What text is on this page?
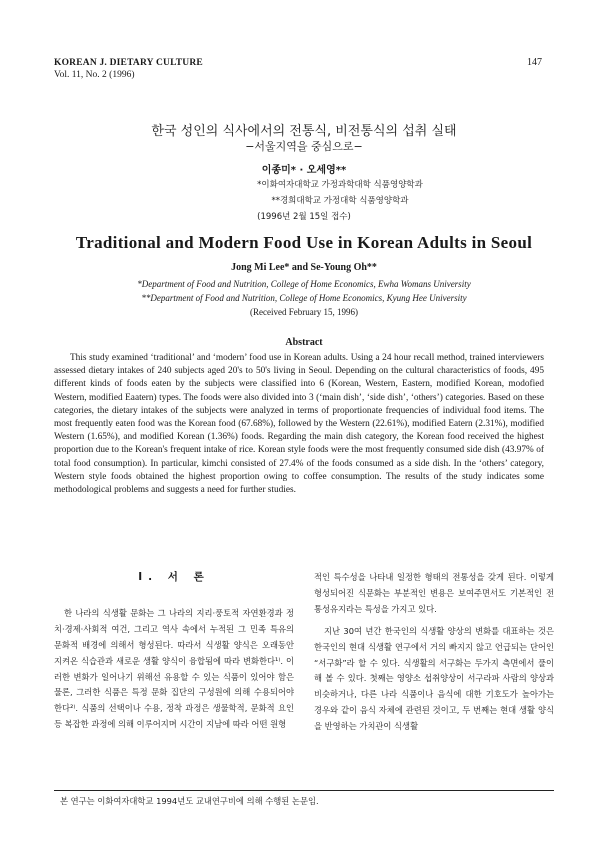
KOREAN J. DIETARY CULTURE
Vol. 11, No. 2 (1996)
147
한국 성인의 식사에서의 전통식, 비전통식의 섭취 실태
−서울지역을 중심으로−
이종미* · 오세영**
*이화여자대학교 가정과학대학 식품영양학과
**경희대학교 가정대학 식품영양학과
(1996년 2월 15일 접수)
Traditional and Modern Food Use in Korean Adults in Seoul
Jong Mi Lee* and Se-Young Oh**
*Department of Food and Nutrition, College of Home Economics, Ewha Womans University
**Department of Food and Nutrition, College of Home Economics, Kyung Hee University
(Received February 15, 1996)
Abstract
This study examined ‘traditional’ and ‘modern’ food use in Korean adults. Using a 24 hour recall method, trained interviewers assessed dietary intakes of 240 subjects aged 20's to 50's living in Seoul. Depending on the cultural characteristics of foods, 495 different kinds of foods eaten by the subjects were classified into 6 (Korean, Western, Eastern, modified Korean, modofied Western, modified Eaatern) types. The foods were also divided into 3 (‘main dish’, ‘side dish’, ‘others’) categories. Based on these categories, the dietary intakes of the subjects were analyzed in terms of proportionate frequencies of individual food items. The most frequently eaten food was the Korean food (67.68%), followed by the Western (22.61%), modified Eatern (2.31%), modified Western (1.65%), and modified Korean (1.36%) foods. Regarding the main dish category, the Korean food received the highest proportion due to the Korean's frequent intake of rice. Korean style foods were the most frequently consumed side dish (43.97% of total food consumption). In particular, kimchi consisted of 27.4% of the foods consumed as a side dish. In the ‘others’ category, Western style foods obtained the highest proportion owing to coffee consumption. The results of the study indicates some methodological problems and suggests a need for further studies.
I. 서 론

한 나라의 식생활 문화는 그 나라의 지리·풍토적 자연환경과 정치·경제·사회적 여건, 그리고 역사 속에서 누적된 그 민족 특유의 문화적 배경에 의해서 형성된다. 따라서 식생활 양식은 오래동안 지켜온 식습관과 새로운 생활 양식이 융합됨에 따라 변화한다¹⁾. 이러한 변화가 일어나기 위해선 유용할 수 있는 식품이 있어야 함은 물론, 그러한 식품은 특정 문화 집단의 구성원에 의해 수용되어야 한다²⁾. 식품의 선택이나 수용, 정착 과정은 생물학적, 문화적 요인 등 복잡한 과정에 의해 이루어지며 시간이 지남에 따라 어떤 원형

적인 특수성을 나타내 일정한 형태의 전통성을 갖게 된다. 이렇게 형성되어진 식문화는 부분적인 변용은 보여주면서도 기본적인 전통성유지라는 특성을 가지고 있다.

지난 30여 년간 한국인의 식생활 양상의 변화를 대표하는 것은 한국인의 현대 식생활 연구에서 거의 빠지지 않고 언급되는 단어인 “서구화”라 할 수 있다. 식생활의 서구화는 두가지 측면에서 풀이해 볼 수 있다. 첫째는 영양소 섭취양상이 서구라파 사람의 양상과 비슷하거나, 다른 나라 식품이나 음식에 대한 기호도가 높아가는 경우와 같이 음식 자체에 관련된 것이고, 두 번째는 현대 생활 양식을 반영하는 가치관이 식생활

본 연구는 이화여자대학교 1994년도 교내연구비에 의해 수행된 논문임.
